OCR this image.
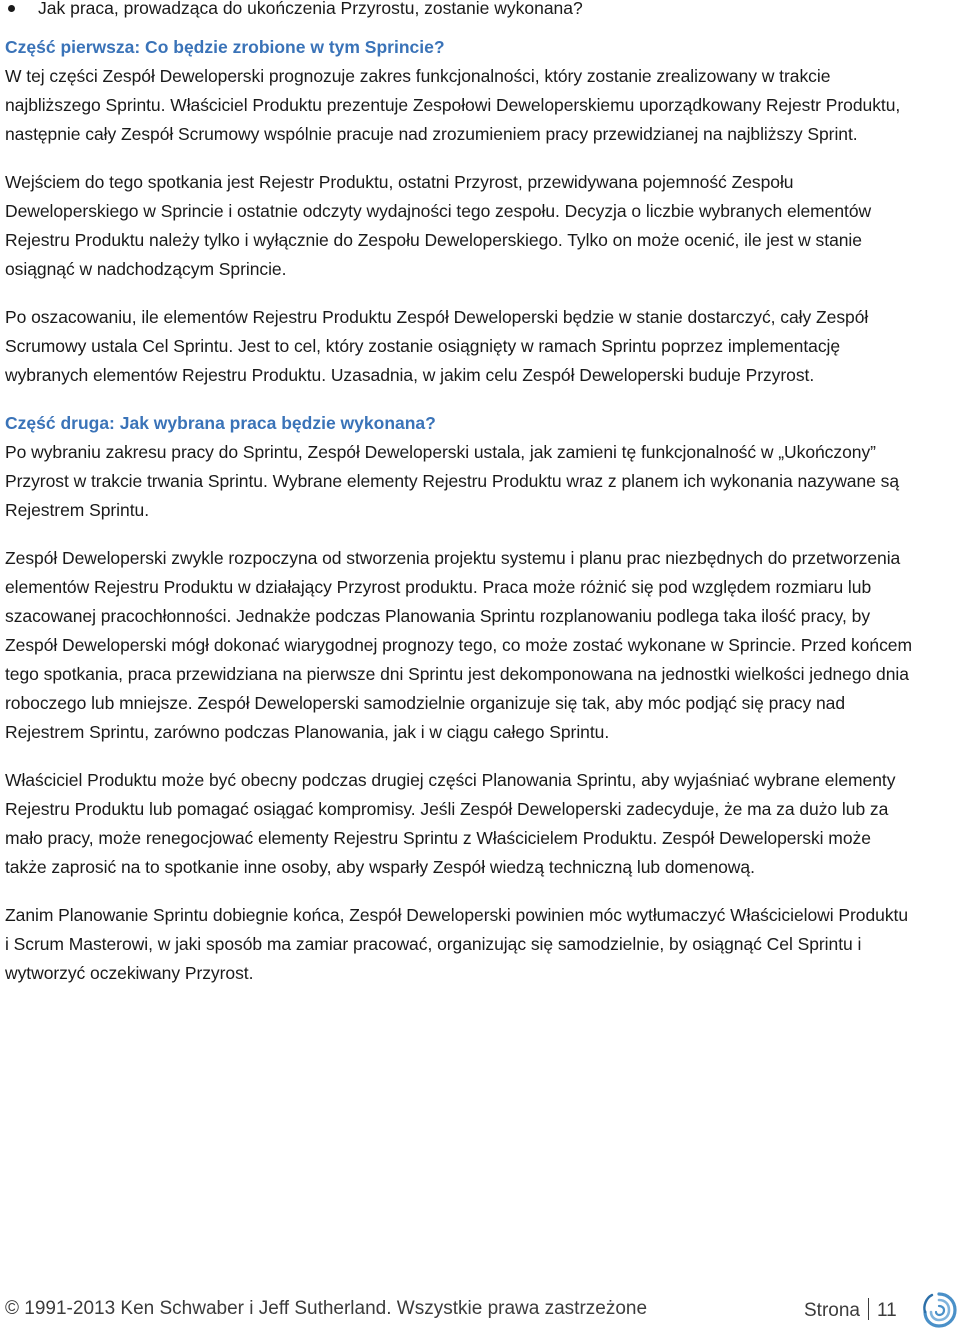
Jak praca, prowadząca do ukończenia Przyrostu, zostanie wykonana?
Część pierwsza: Co będzie zrobione w tym Sprincie?

W tej części Zespół Deweloperski prognozuje zakres funkcjonalności, który zostanie zrealizowany w trakcie najbliższego Sprintu. Właściciel Produktu prezentuje Zespołowi Deweloperskiemu uporządkowany Rejestr Produktu, następnie cały Zespół Scrumowy wspólnie pracuje nad zrozumieniem pracy przewidzianej na najbliższy Sprint.

Wejściem do tego spotkania jest Rejestr Produktu, ostatni Przyrost, przewidywana pojemność Zespołu Deweloperskiego w Sprincie i ostatnie odczyty wydajności tego zespołu. Decyzja o liczbie wybranych elementów Rejestru Produktu należy tylko i wyłącznie do Zespołu Deweloperskiego. Tylko on może ocenić, ile jest w stanie osiągnąć w nadchodzącym Sprincie.

Po oszacowaniu, ile elementów Rejestru Produktu Zespół Deweloperski będzie w stanie dostarczyć, cały Zespół Scrumowy ustala Cel Sprintu. Jest to cel, który zostanie osiągnięty w ramach Sprintu poprzez implementację wybranych elementów Rejestru Produktu. Uzasadnia, w jakim celu Zespół Deweloperski buduje Przyrost.

Część druga: Jak wybrana praca będzie wykonana?

Po wybraniu zakresu pracy do Sprintu, Zespół Deweloperski ustala, jak zamieni tę funkcjonalność w „Ukończony” Przyrost w trakcie trwania Sprintu. Wybrane elementy Rejestru Produktu wraz z planem ich wykonania nazywane są Rejestrem Sprintu.

Zespół Deweloperski zwykle rozpoczyna od stworzenia projektu systemu i planu prac niezbędnych do przetworzenia elementów Rejestru Produktu w działający Przyrost produktu. Praca może różnić się pod względem rozmiaru lub szacowanej pracochłonności. Jednakże podczas Planowania Sprintu rozplanowaniu podlega taka ilość pracy, by Zespół Deweloperski mógł dokonać wiarygodnej prognozy tego, co może zostać wykonane w Sprincie. Przed końcem tego spotkania, praca przewidziana na pierwsze dni Sprintu jest dekomponowana na jednostki wielkości jednego dnia roboczego lub mniejsze. Zespół Deweloperski samodzielnie organizuje się tak, aby móc podjąć się pracy nad Rejestrem Sprintu, zarówno podczas Planowania, jak i w ciągu całego Sprintu.

Właściciel Produktu może być obecny podczas drugiej części Planowania Sprintu, aby wyjaśniać wybrane elementy Rejestru Produktu lub pomagać osiągać kompromisy. Jeśli Zespół Deweloperski zadecyduje, że ma za dużo lub za mało pracy, może renegocjować elementy Rejestru Sprintu z Właścicielem Produktu. Zespół Deweloperski może także zaprosić na to spotkanie inne osoby, aby wsparły Zespół wiedzą techniczną lub domenową.

Zanim Planowanie Sprintu dobiegnie końca, Zespół Deweloperski powinien móc wytłumaczyć Właścicielowi Produktu i Scrum Masterowi, w jaki sposób ma zamiar pracować, organizując się samodzielnie, by osiągnąć Cel Sprintu i wytworzyć oczekiwany Przyrost.

© 1991-2013 Ken Schwaber i Jeff Sutherland. Wszystkie prawa zastrzeżone	Strona 11
